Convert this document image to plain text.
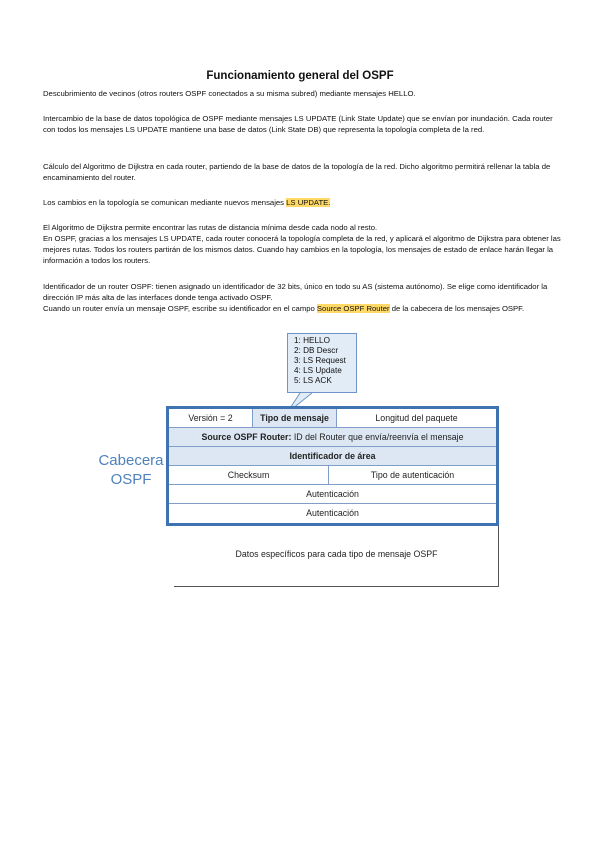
Funcionamiento general del OSPF

Descubrimiento de vecinos (otros routers OSPF conectados a su misma subred) mediante mensajes HELLO.

Intercambio de la base de datos topológica de OSPF mediante mensajes LS UPDATE (Link State Update) que se envían por inundación. Cada router con todos los mensajes LS UPDATE mantiene una base de datos (Link State DB) que representa la topología completa de la red.

Cálculo del Algoritmo de Dijkstra en cada router, partiendo de la base de datos de la topología de la red. Dicho algoritmo permitirá rellenar la tabla de encaminamiento del router.

Los cambios en la topología se comunican mediante nuevos mensajes LS UPDATE.

El Algoritmo de Dijkstra permite encontrar las rutas de distancia mínima desde cada nodo al resto.

En OSPF, gracias a los mensajes LS UPDATE, cada router conocerá la topología completa de la red, y aplicará el algoritmo de Dijkstra para obtener las mejores rutas. Todos los routers partirán de los mismos datos. Cuando hay cambios en la topología, los mensajes de estado de enlace harán llegar la información a todos los routers.

Identificador de un router OSPF: tienen asignado un identificador de 32 bits, único en todo su AS (sistema autónomo). Se elige como identificador la dirección IP más alta de las interfaces donde tenga activado OSPF.

Cuando un router envía un mensaje OSPF, escribe su identificador en el campo Source OSPF Router de la cabecera de los mensajes OSPF.

1: HELLO
2: DB Descr
3: LS Request
4: LS Update
5: LS ACK
Cabecera
OSPF
Versión = 2	Tipo de mensaje	Longitud del paquete
Source OSPF Router: ID del Router que envía/reenvía el mensaje
Identificador de área
Checksum	Tipo de autenticación
Autenticación
Autenticación
Datos específicos para cada tipo de mensaje OSPF
